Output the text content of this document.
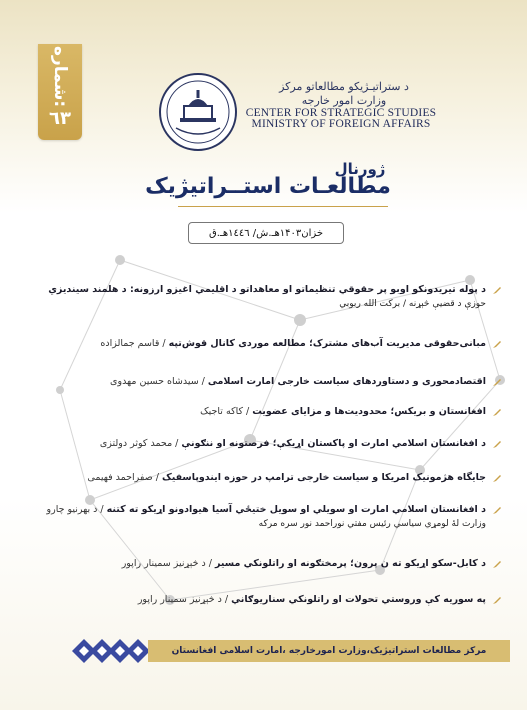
شماره:
٦٣
د ستراتیـژیکو مطالعاتو مرکز
وزارت امور خارجه
CENTER FOR STRATEGIC STUDIES
MINISTRY OF FOREIGN AFFAIRS
ژورنال
مطالعـات استــراتیژیک
خزان۱۴۰۳هـ.ش/ ١٤٤٦هـ.ق
د پوله تیریدونکو اوبو پر حقوقي تنظیماتو او معاهداتو د اقلیمي اغیزو ارزونه: د هلمند سیندیزي
حوزې د قضیې څېړنه / برکت الله ربوبي
مبانی‌حقوقی مدیریت آب‌های مشترک؛ مطالعه موردی کانال قوش‌تپه / قاسم جمالزاده
اقتصادمحوری و دستاوردهای سیاست خارجی امارت اسلامی / سیدشاه حسین مهدوی
افغانستان و بریکس؛ محدودیت‌ها و مزایای عضویت / کاکه تاجیک
د افغانستان اسلامي امارت او پاکستان اړیکې؛ فرصتونه او ننګونې / محمد کوثر دولتزی
جایگاه هژمونیک امریکا و سیاست خارجی ترامپ در حوزه ایندوپاسفیک / صفراحمد فهیمی
د افغانستان اسلامي امارت او سویلي او سویل ختیځي آسیا هیوادونو اړیکو ته کتنه / د بهرنیو چارو
وزارت لهٔ لومړي سیاسي رئیس مفتي نوراحمد نور سره مرکه
د کابل-سکو اړیکو ته ن پرون؛ پرمختګونه او راتلونکي مسیر / د څېړنیز سمینار راپور
په سوریه کې وروستي تحولات او راتلونکي سناریوګاني / د څېړنیز سمینار راپور
مرکز مطالعات استراتیژیک،وزارت امورخارجه ،امارت اسلامی افغانستان
